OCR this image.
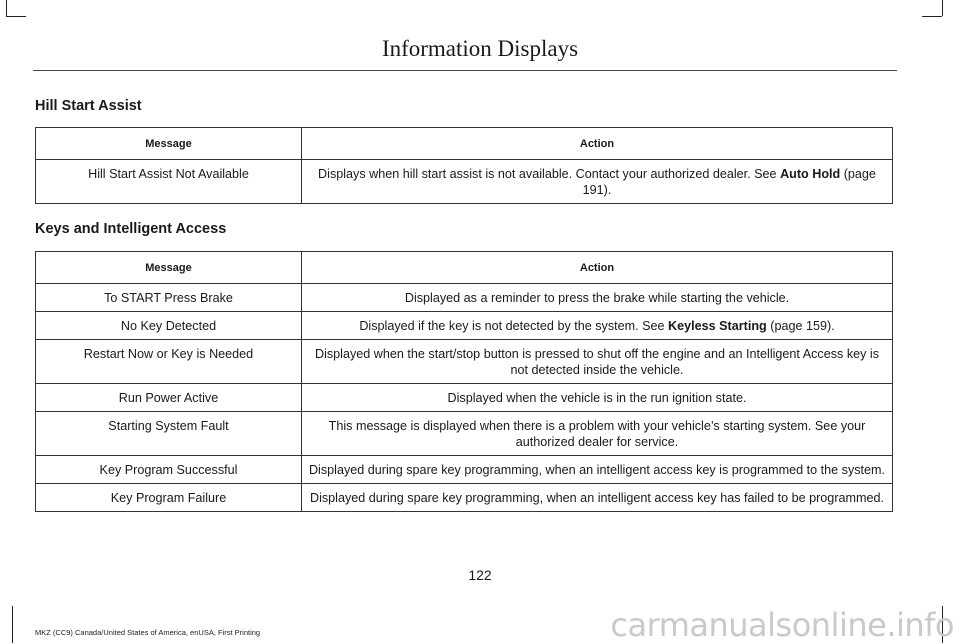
Information Displays
Hill Start Assist
Message	Action
Hill Start Assist Not Available	Displays when hill start assist is not available. Contact your authorized dealer. See Auto Hold (page 191).
Keys and Intelligent Access
Message	Action
To START Press Brake	Displayed as a reminder to press the brake while starting the vehicle.
No Key Detected	Displayed if the key is not detected by the system. See Keyless Starting (page 159).
Restart Now or Key is Needed	Displayed when the start/stop button is pressed to shut off the engine and an Intelligent Access key is not detected inside the vehicle.
Run Power Active	Displayed when the vehicle is in the run ignition state.
Starting System Fault	This message is displayed when there is a problem with your vehicle’s starting system. See your authorized dealer for service.
Key Program Successful	Displayed during spare key programming, when an intelligent access key is programmed to the system.
Key Program Failure	Displayed during spare key programming, when an intelligent access key has failed to be programmed.
122
MKZ (CC9) Canada/United States of America, enUSA, First Printing	carmanualsonline.info
